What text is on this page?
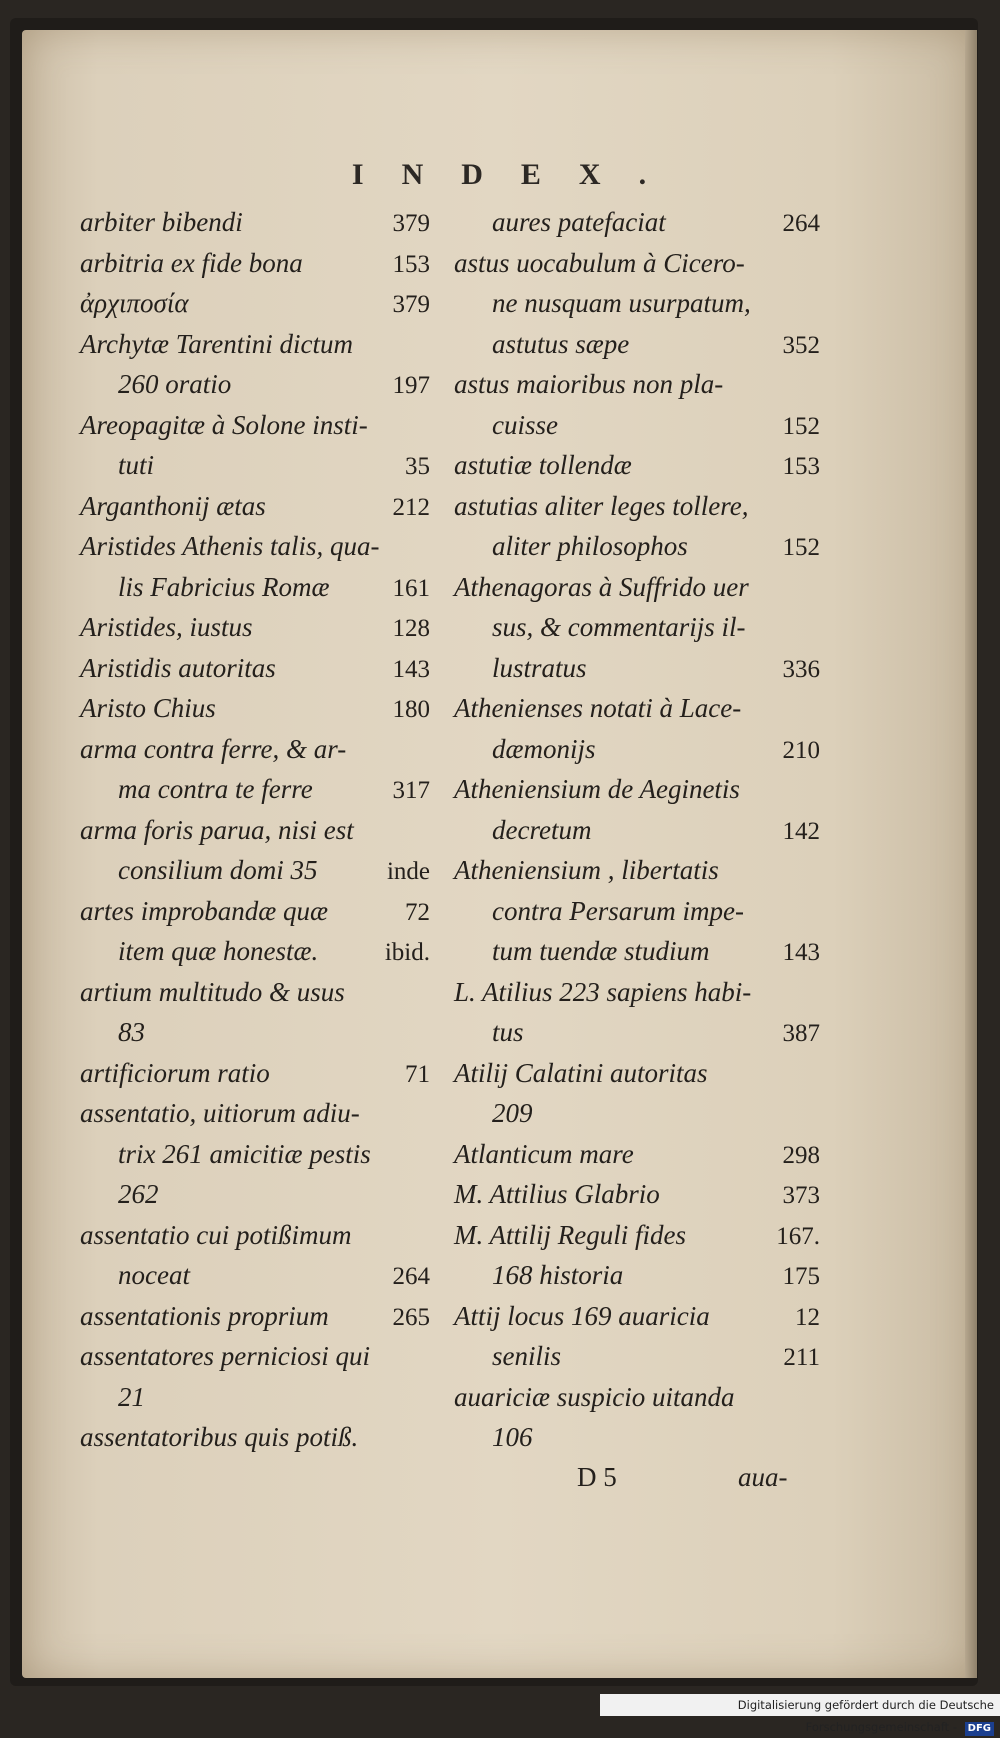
INDEX.
arbiter bibendi	379
arbitria ex fide bona	153
ἀρχιποσία	379
Archytæ Tarentini dictum
260 oratio	197
Areopagitæ à Solone insti-
tuti	35
Arganthonij ætas	212
Aristides Athenis talis, qua-
lis Fabricius Romæ	161
Aristides, iustus	128
Aristidis autoritas	143
Aristo Chius	180
arma contra ferre, & ar-
ma contra te ferre	317
arma foris parua, nisi est
consilium domi 35	inde
artes improbandæ quæ	72
item quæ honestæ.	ibid.
artium multitudo & usus
83
artificiorum ratio	71
assentatio, uitiorum adiu-
trix 261 amicitiæ pestis
262
assentatio cui potißimum
noceat	264
assentationis proprium	265
assentatores perniciosi qui
21
assentatoribus quis potiß.
aures patefaciat	264
astus uocabulum à Cicero-
ne nusquam usurpatum,
astutus sæpe	352
astus maioribus non pla-
cuisse	152
astutiæ tollendæ	153
astutias aliter leges tollere,
aliter philosophos	152
Athenagoras à Suffrido uer
sus, & commentarijs il-
lustratus	336
Athenienses notati à Lace-
dæmonijs	210
Atheniensium de Aeginetis
decretum	142
Atheniensium , libertatis
contra Persarum impe-
tum tuendæ studium	143
L. Atilius 223 sapiens habi-
tus	387
Atilij Calatini autoritas
209
Atlanticum mare	298
M. Attilius Glabrio	373
M. Attilij Reguli fides	167.
168 historia	175
Attij locus 169 auaricia	12
senilis	211
auariciæ suspicio uitanda
106
D 5	aua-
Digitalisierung gefördert durch die Deutsche Forschungsgemeinschaft - DFG
